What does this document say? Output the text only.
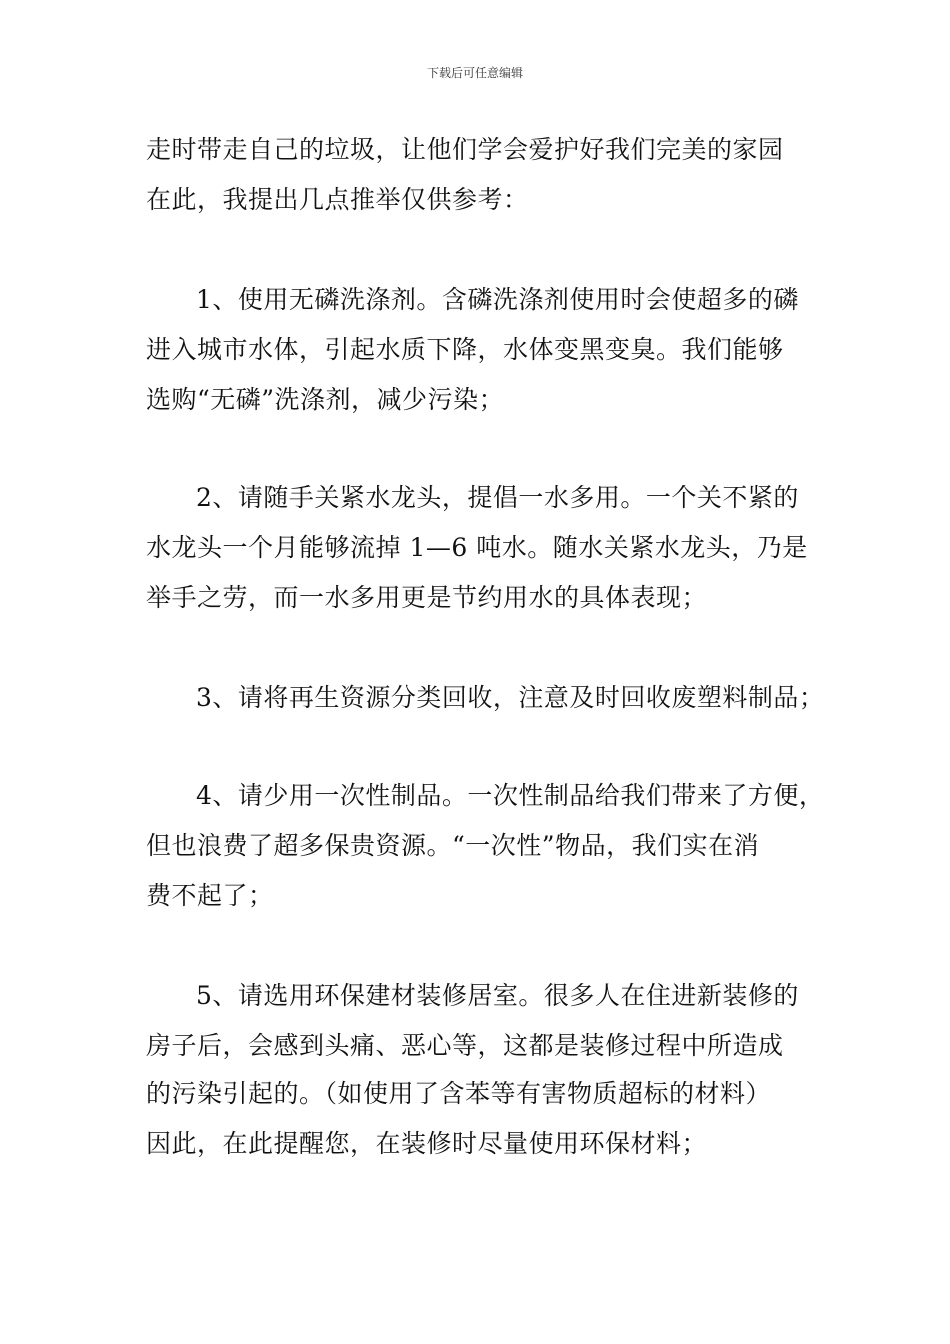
下载后可任意编辑
走时带走自己的垃圾，让他们学会爱护好我们完美的家园
在此，我提出几点推举仅供参考：
1、使用无磷洗涤剂。含磷洗涤剂使用时会使超多的磷
进入城市水体，引起水质下降，水体变黑变臭。我们能够
选购“无磷”洗涤剂，减少污染；
2、请随手关紧水龙头，提倡一水多用。一个关不紧的
水龙头一个月能够流掉 1—6 吨水。随水关紧水龙头，乃是
举手之劳，而一水多用更是节约用水的具体表现；
3、请将再生资源分类回收，注意及时回收废塑料制品；
4、请少用一次性制品。一次性制品给我们带来了方便，
但也浪费了超多保贵资源。“一次性”物品，我们实在消
费不起了；
5、请选用环保建材装修居室。很多人在住进新装修的
房子后，会感到头痛、恶心等，这都是装修过程中所造成
的污染引起的。（如使用了含苯等有害物质超标的材料）
因此，在此提醒您，在装修时尽量使用环保材料；
